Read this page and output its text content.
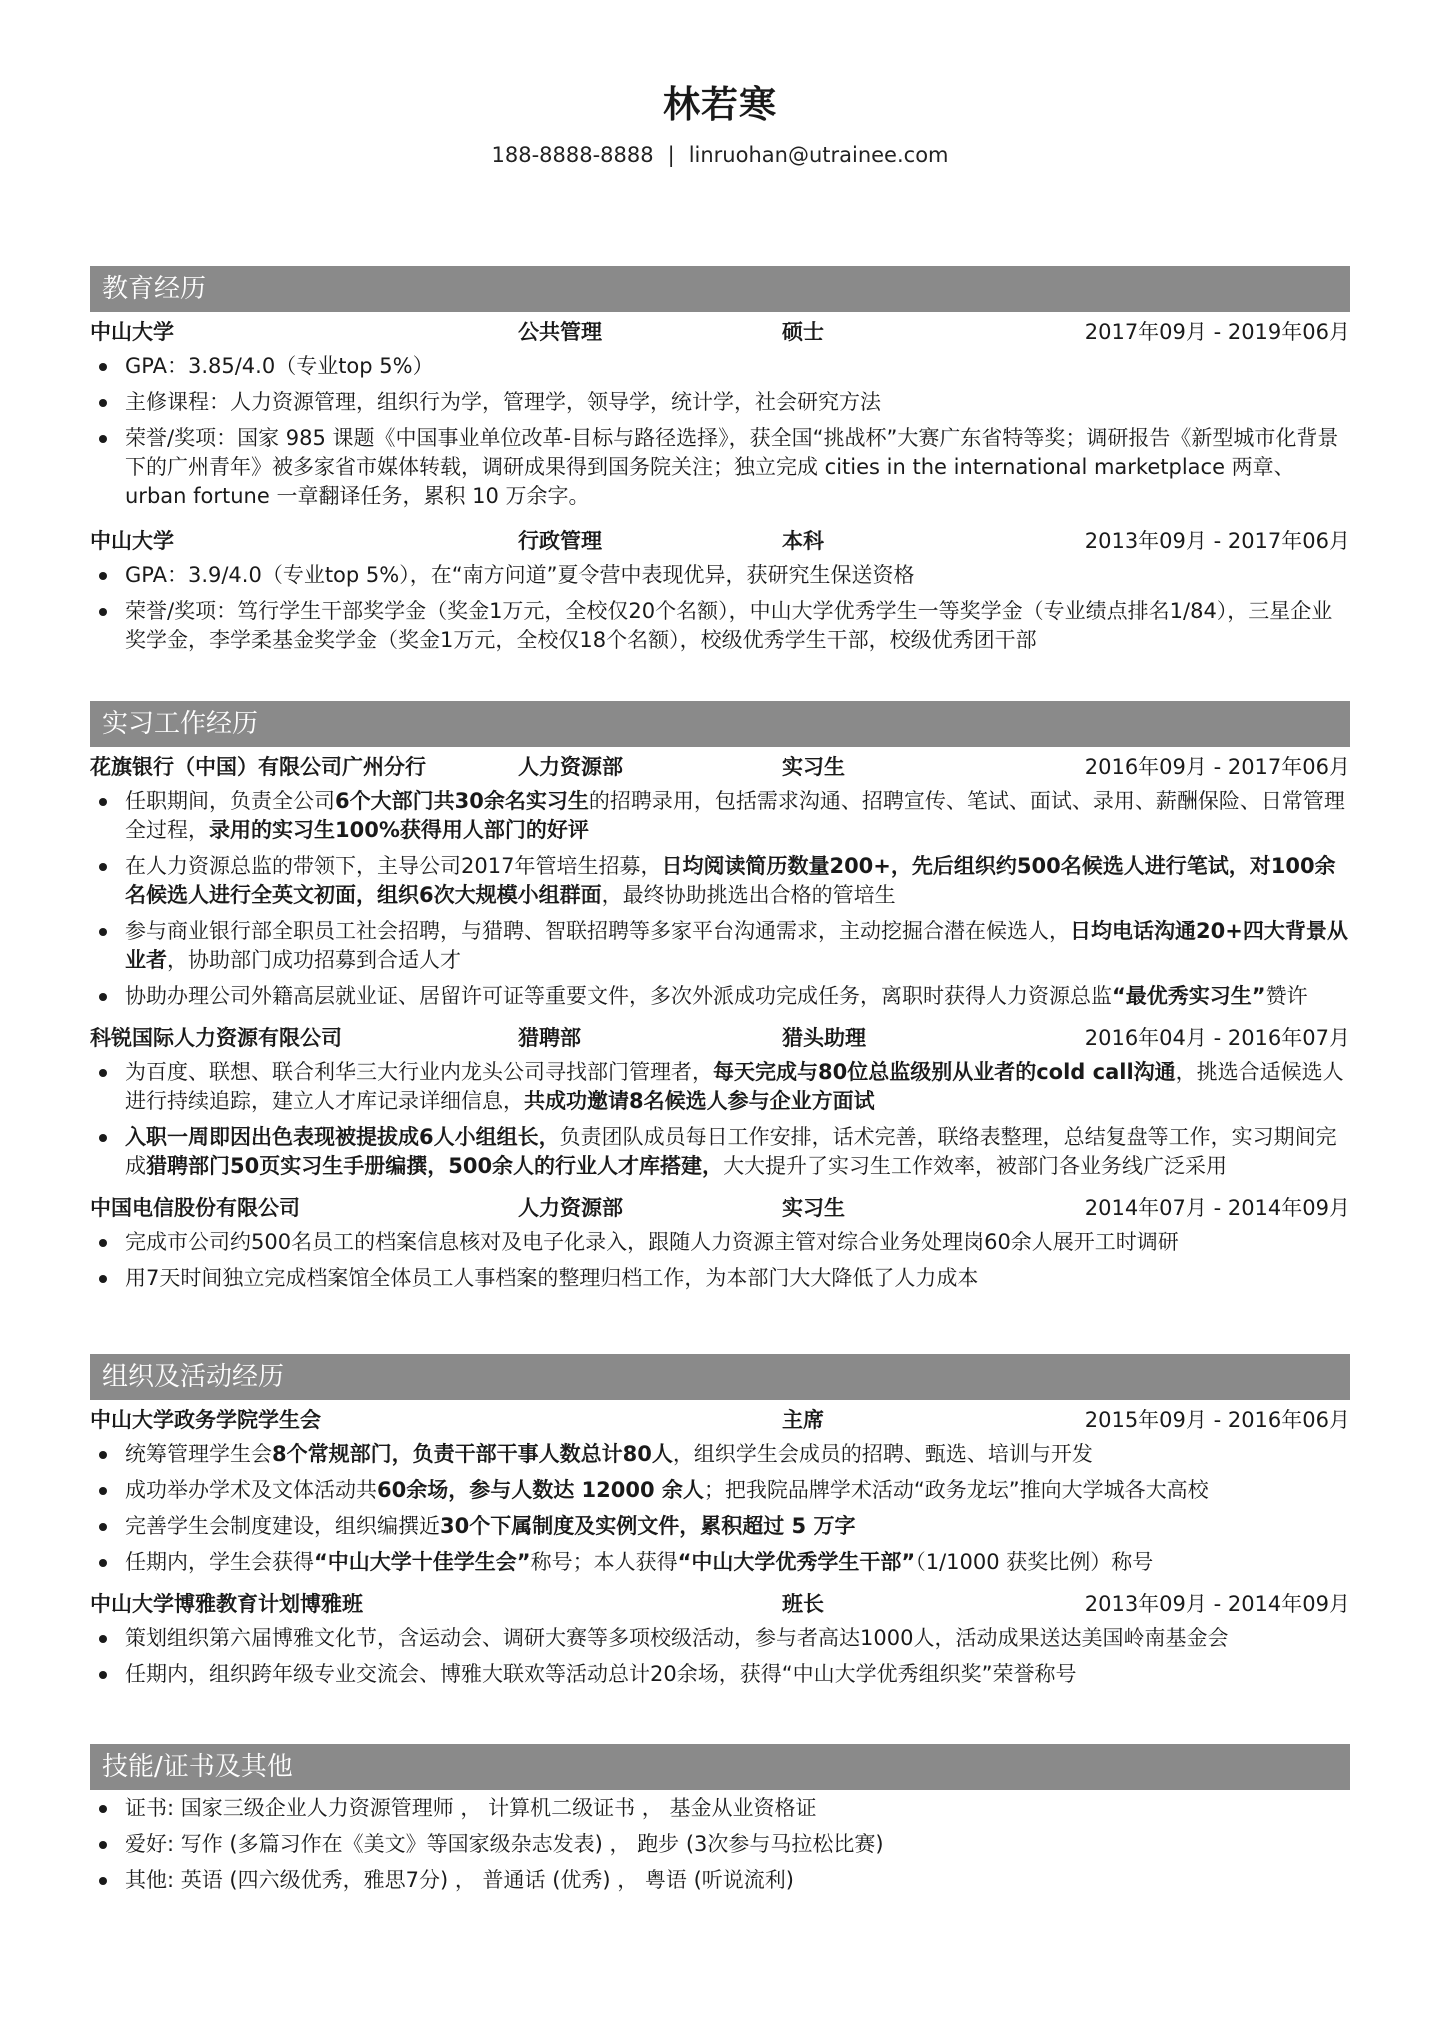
林若寒
188-8888-8888 | linruohan@utrainee.com
教育经历
中山大学	公共管理	硕士	2017年09月 - 2019年06月
GPA：3.85/4.0（专业top 5%）
主修课程：人力资源管理，组织行为学，管理学，领导学，统计学，社会研究方法
荣誉/奖项：国家 985 课题《中国事业单位改革-目标与路径选择》，获全国“挑战杯”大赛广东省特等奖；调研报告《新型城市化背景下的广州青年》被多家省市媒体转载，调研成果得到国务院关注；独立完成 cities in the international marketplace 两章、urban fortune 一章翻译任务，累积 10 万余字。
中山大学	行政管理	本科	2013年09月 - 2017年06月
GPA：3.9/4.0（专业top 5%），在“南方问道”夏令营中表现优异，获研究生保送资格
荣誉/奖项：笃行学生干部奖学金（奖金1万元，全校仅20个名额），中山大学优秀学生一等奖学金（专业绩点排名1/84），三星企业奖学金，李学柔基金奖学金（奖金1万元，全校仅18个名额），校级优秀学生干部，校级优秀团干部
实习工作经历
花旗银行（中国）有限公司广州分行	人力资源部	实习生	2016年09月 - 2017年06月
任职期间，负责全公司6个大部门共30余名实习生的招聘录用，包括需求沟通、招聘宣传、笔试、面试、录用、薪酬保险、日常管理全过程，录用的实习生100%获得用人部门的好评
在人力资源总监的带领下，主导公司2017年管培生招募，日均阅读简历数量200+，先后组织约500名候选人进行笔试，对100余名候选人进行全英文初面，组织6次大规模小组群面，最终协助挑选出合格的管培生
参与商业银行部全职员工社会招聘，与猎聘、智联招聘等多家平台沟通需求，主动挖掘合潜在候选人，日均电话沟通20+四大背景从业者，协助部门成功招募到合适人才
协助办理公司外籍高层就业证、居留许可证等重要文件，多次外派成功完成任务，离职时获得人力资源总监“最优秀实习生”赞许
科锐国际人力资源有限公司	猎聘部	猎头助理	2016年04月 - 2016年07月
为百度、联想、联合利华三大行业内龙头公司寻找部门管理者，每天完成与80位总监级别从业者的cold call沟通，挑选合适候选人进行持续追踪，建立人才库记录详细信息，共成功邀请8名候选人参与企业方面试
入职一周即因出色表现被提拔成6人小组组长，负责团队成员每日工作安排，话术完善，联络表整理，总结复盘等工作，实习期间完成猎聘部门50页实习生手册编撰，500余人的行业人才库搭建，大大提升了实习生工作效率，被部门各业务线广泛采用
中国电信股份有限公司	人力资源部	实习生	2014年07月 - 2014年09月
完成市公司约500名员工的档案信息核对及电子化录入，跟随人力资源主管对综合业务处理岗60余人展开工时调研
用7天时间独立完成档案馆全体员工人事档案的整理归档工作，为本部门大大降低了人力成本
组织及活动经历
中山大学政务学院学生会	主席	2015年09月 - 2016年06月
统筹管理学生会8个常规部门，负责干部干事人数总计80人，组织学生会成员的招聘、甄选、培训与开发
成功举办学术及文体活动共60余场，参与人数达 12000 余人；把我院品牌学术活动“政务龙坛”推向大学城各大高校
完善学生会制度建设，组织编撰近30个下属制度及实例文件，累积超过 5 万字
任期内，学生会获得“中山大学十佳学生会”称号；本人获得“中山大学优秀学生干部”（1/1000 获奖比例）称号
中山大学博雅教育计划博雅班	班长	2013年09月 - 2014年09月
策划组织第六届博雅文化节，含运动会、调研大赛等多项校级活动，参与者高达1000人，活动成果送达美国岭南基金会
任期内，组织跨年级专业交流会、博雅大联欢等活动总计20余场，获得“中山大学优秀组织奖”荣誉称号
技能/证书及其他
证书: 国家三级企业人力资源管理师 ， 计算机二级证书 ， 基金从业资格证
爱好: 写作 (多篇习作在《美文》等国家级杂志发表) ， 跑步 (3次参与马拉松比赛)
其他: 英语 (四六级优秀，雅思7分) ， 普通话 (优秀) ， 粤语 (听说流利)
